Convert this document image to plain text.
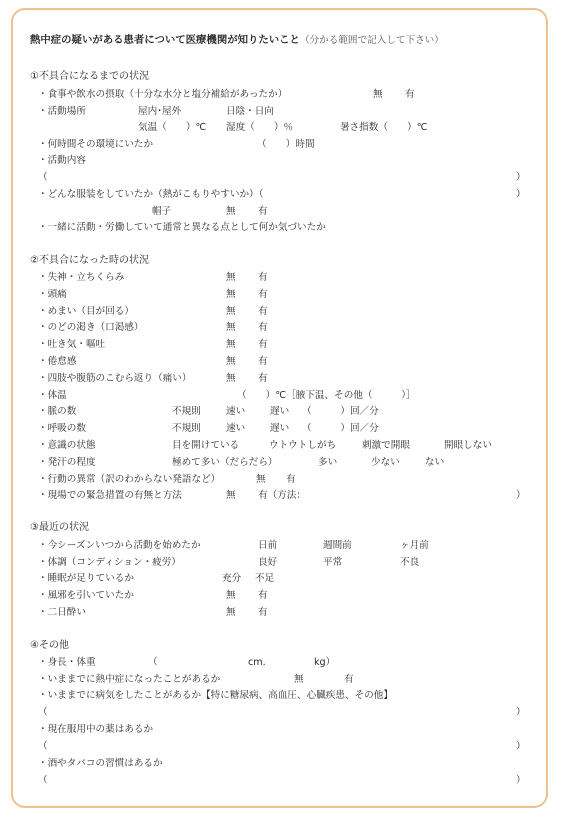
熱中症の疑いがある患者について医療機関が知りたいこと（分かる範囲で記入して下さい）
①不具合になるまでの状況
・食事や飲水の摂取（十分な水分と塩分補給があったか）	無 有
・活動場所	屋内･屋外	日陰・日向
気温（　　）℃ 湿度（　　）％	暑さ指数（　　）℃
・何時間その環境にいたか	（　　）時間
・活動内容
（	）
・どんな服装をしていたか（熱がこもりやすいか）（	）
帽子	無 有
・一緒に活動・労働していて通常と異なる点として何か気づいたか
②不具合になった時の状況
・失神・立ちくらみ	無 有
・頭痛	無 有
・めまい（目が回る）	無 有
・のどの渇き（口渇感）	無 有
・吐き気・嘔吐	無 有
・倦怠感	無 有
・四肢や腹筋のこむら返り（痛い）	無 有
・体温	（　　）℃［腋下温、その他（　　　）］
・脈の数	不規則	速い	遅い （　　　）回／分
・呼吸の数	不規則	速い	遅い （　　　）回／分
・意識の状態	目を開けている	ウトウトしがち	刺激で開眼	開眼しない
・発汗の程度	極めて多い（だらだら）	多い	少ない	ない
・行動の異常（訳のわからない発語など）	無 有
・現場での緊急措置の有無と方法	無 有（方法：	）
③最近の状況
・今シーズンいつから活動を始めたか	日前	週間前	ヶ月前
・体調（コンディション・疲労）	良好	平常	不良
・睡眠が足りているか	充分 不足
・風邪を引いていたか	無 有
・二日酔い	無 有
④その他
・身長・体重	（	cm.	kg）
・いままでに熱中症になったことがあるか	無	有
・いままでに病気をしたことがあるか【特に糖尿病、高血圧、心臓疾患、その他】
（	）
・現在服用中の薬はあるか
（	）
・酒やタバコの習慣はあるか
（	）
